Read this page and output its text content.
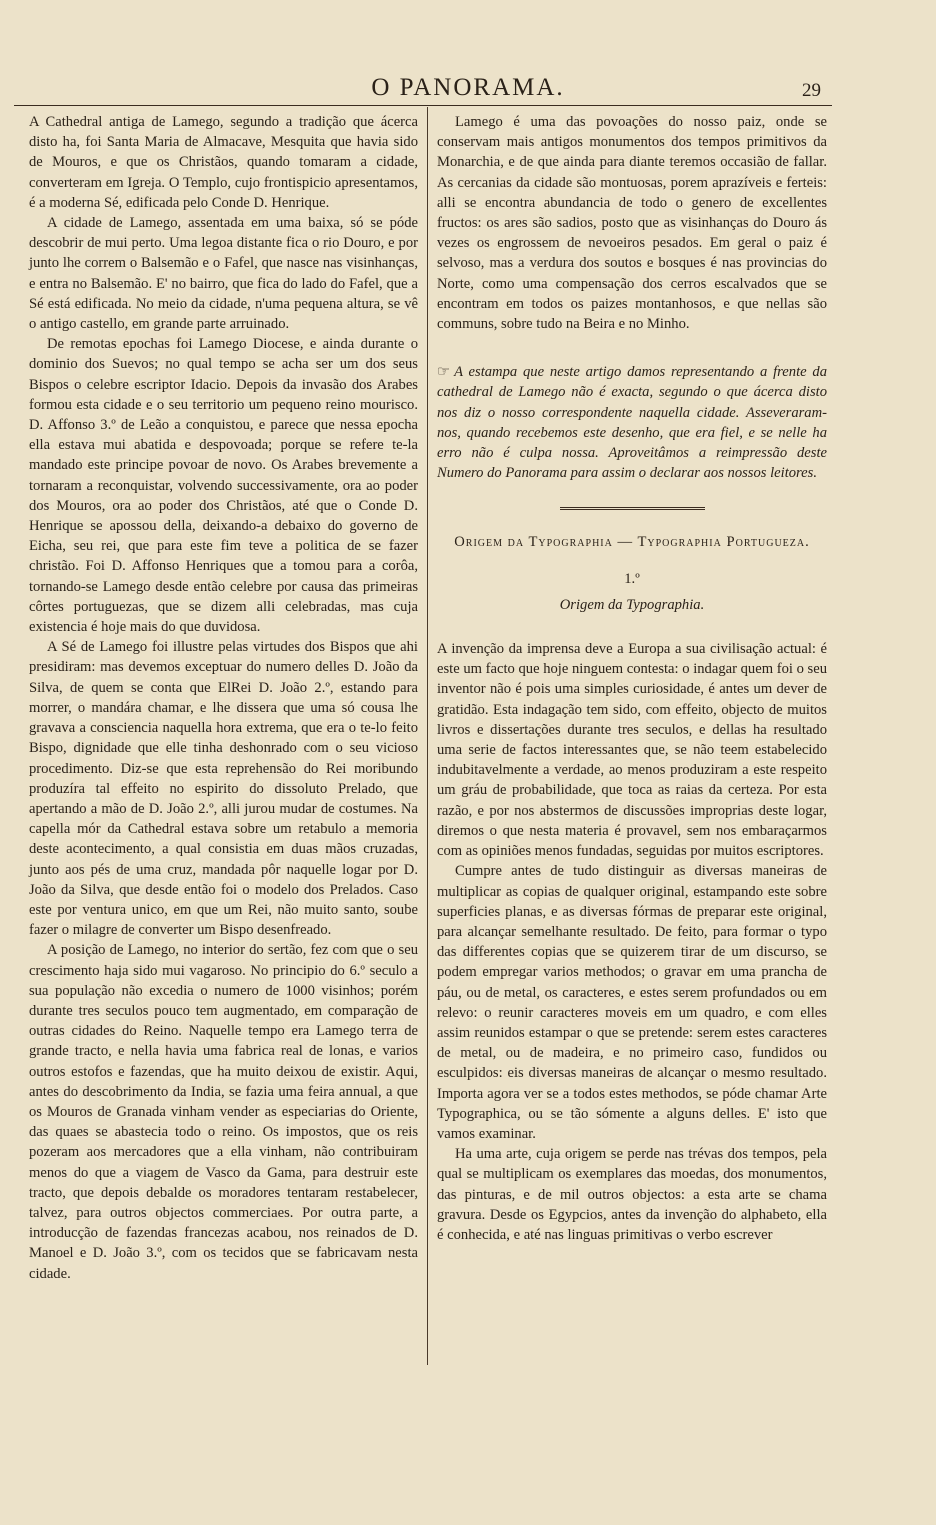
O PANORAMA.	29

A Cathedral antiga de Lamego, segundo a tradição que ácerca disto ha, foi Santa Maria de Almacave, Mesquita que havia sido de Mouros, e que os Christãos, quando tomaram a cidade, converteram em Igreja. O Templo, cujo frontispicio apresentamos, é a moderna Sé, edificada pelo Conde D. Henrique.

A cidade de Lamego, assentada em uma baixa, só se póde descobrir de mui perto. Uma legoa distante fica o rio Douro, e por junto lhe correm o Balsemão e o Fafel, que nasce nas visinhanças, e entra no Balsemão. E' no bairro, que fica do lado do Fafel, que a Sé está edificada. No meio da cidade, n'uma pequena altura, se vê o antigo castello, em grande parte arruinado.

De remotas epochas foi Lamego Diocese, e ainda durante o dominio dos Suevos; no qual tempo se acha ser um dos seus Bispos o celebre escriptor Idacio. Depois da invasão dos Arabes formou esta cidade e o seu territorio um pequeno reino mourisco. D. Affonso 3.º de Leão a conquistou, e parece que nessa epocha ella estava mui abatida e despovoada; porque se refere te-la mandado este principe povoar de novo. Os Arabes brevemente a tornaram a reconquistar, volvendo successivamente, ora ao poder dos Mouros, ora ao poder dos Christãos, até que o Conde D. Henrique se apossou della, deixando-a debaixo do governo de Eicha, seu rei, que para este fim teve a politica de se fazer christão. Foi D. Affonso Henriques que a tomou para a corôa, tornando-se Lamego desde então celebre por causa das primeiras côrtes portuguezas, que se dizem alli celebradas, mas cuja existencia é hoje mais do que duvidosa.

A Sé de Lamego foi illustre pelas virtudes dos Bispos que ahi presidiram: mas devemos exceptuar do numero delles D. João da Silva, de quem se conta que ElRei D. João 2.º, estando para morrer, o mandára chamar, e lhe dissera que uma só cousa lhe gravava a consciencia naquella hora extrema, que era o te-lo feito Bispo, dignidade que elle tinha deshonrado com o seu vicioso procedimento. Diz-se que esta reprehensão do Rei moribundo produzíra tal effeito no espirito do dissoluto Prelado, que apertando a mão de D. João 2.º, alli jurou mudar de costumes. Na capella mór da Cathedral estava sobre um retabulo a memoria deste acontecimento, a qual consistia em duas mãos cruzadas, junto aos pés de uma cruz, mandada pôr naquelle logar por D. João da Silva, que desde então foi o modelo dos Prelados. Caso este por ventura unico, em que um Rei, não muito santo, soube fazer o milagre de converter um Bispo desenfreado.

A posição de Lamego, no interior do sertão, fez com que o seu crescimento haja sido mui vagaroso. No principio do 6.º seculo a sua população não excedia o numero de 1000 visinhos; porém durante tres seculos pouco tem augmentado, em comparação de outras cidades do Reino. Naquelle tempo era Lamego terra de grande tracto, e nella havia uma fabrica real de lonas, e varios outros estofos e fazendas, que ha muito deixou de existir. Aqui, antes do descobrimento da India, se fazia uma feira annual, a que os Mouros de Granada vinham vender as especiarias do Oriente, das quaes se abastecia todo o reino. Os impostos, que os reis pozeram aos mercadores que a ella vinham, não contribuiram menos do que a viagem de Vasco da Gama, para destruir este tracto, que depois debalde os moradores tentaram restabelecer, talvez, para outros objectos commerciaes. Por outra parte, a introducção de fazendas francezas acabou, nos reinados de D. Manoel e D. João 3.º, com os tecidos que se fabricavam nesta cidade.

Lamego é uma das povoações do nosso paiz, onde se conservam mais antigos monumentos dos tempos primitivos da Monarchia, e de que ainda para diante teremos occasião de fallar. As cercanias da cidade são montuosas, porem aprazíveis e ferteis: alli se encontra abundancia de todo o genero de excellentes fructos: os ares são sadios, posto que as visinhanças do Douro ás vezes os engrossem de nevoeiros pesados. Em geral o paiz é selvoso, mas a verdura dos soutos e bosques é nas provincias do Norte, como uma compensação dos cerros escalvados que se encontram em todos os paizes montanhosos, e que nellas são communs, sobre tudo na Beira e no Minho.

☞ A estampa que neste artigo damos representando a frente da cathedral de Lamego não é exacta, segundo o que ácerca disto nos diz o nosso correspondente naquella cidade. Asseveraram-nos, quando recebemos este desenho, que era fiel, e se nelle ha erro não é culpa nossa. Aproveitâmos a reimpressão deste Numero do Panorama para assim o declarar aos nossos leitores.

Origem da Typographia — Typographia Portugueza.
1.º
Origem da Typographia.

A invenção da imprensa deve a Europa a sua civilisação actual: é este um facto que hoje ninguem contesta: o indagar quem foi o seu inventor não é pois uma simples curiosidade, é antes um dever de gratidão. Esta indagação tem sido, com effeito, objecto de muitos livros e dissertações durante tres seculos, e dellas ha resultado uma serie de factos interessantes que, se não teem estabelecido indubitavelmente a verdade, ao menos produziram a este respeito um gráu de probabilidade, que toca as raias da certeza. Por esta razão, e por nos abstermos de discussões improprias deste logar, diremos o que nesta materia é provavel, sem nos embaraçarmos com as opiniões menos fundadas, seguidas por muitos escriptores.

Cumpre antes de tudo distinguir as diversas maneiras de multiplicar as copias de qualquer original, estampando este sobre superficies planas, e as diversas fórmas de preparar este original, para alcançar semelhante resultado. De feito, para formar o typo das differentes copias que se quizerem tirar de um discurso, se podem empregar varios methodos; o gravar em uma prancha de páu, ou de metal, os caracteres, e estes serem profundados ou em relevo: o reunir caracteres moveis em um quadro, e com elles assim reunidos estampar o que se pretende: serem estes caracteres de metal, ou de madeira, e no primeiro caso, fundidos ou esculpidos: eis diversas maneiras de alcançar o mesmo resultado. Importa agora ver se a todos estes methodos, se póde chamar Arte Typographica, ou se tão sómente a alguns delles. E' isto que vamos examinar.

Ha uma arte, cuja origem se perde nas trévas dos tempos, pela qual se multiplicam os exemplares das moedas, dos monumentos, das pinturas, e de mil outros objectos: a esta arte se chama gravura. Desde os Egypcios, antes da invenção do alphabeto, ella é conhecida, e até nas linguas primitivas o verbo escrever
